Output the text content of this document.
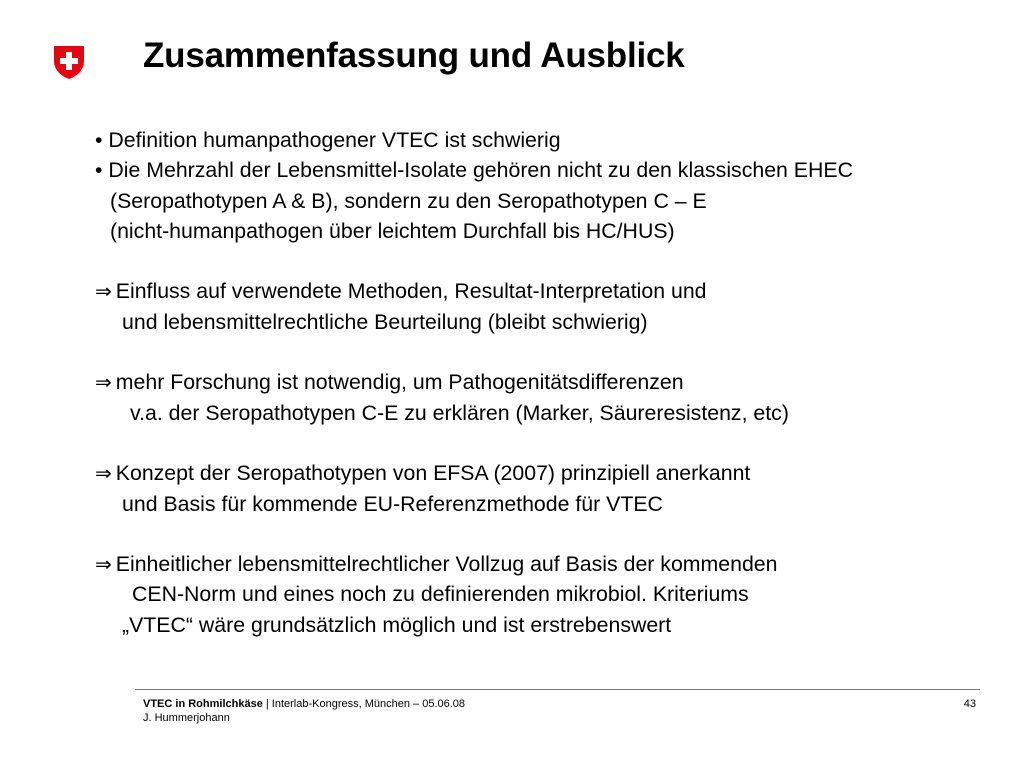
Zusammenfassung und Ausblick
• Definition humanpathogener VTEC ist schwierig
• Die Mehrzahl der Lebensmittel-Isolate gehören nicht zu den klassischen EHEC
(Seropathotypen A & B), sondern zu den Seropathotypen C – E
(nicht-humanpathogen über leichtem Durchfall bis HC/HUS)
⇒ Einfluss auf verwendete Methoden, Resultat-Interpretation und
und lebensmittelrechtliche Beurteilung (bleibt schwierig)
⇒ mehr Forschung ist notwendig, um Pathogenitätsdifferenzen
v.a. der Seropathotypen C-E zu erklären (Marker, Säureresistenz, etc)
⇒ Konzept der Seropathotypen von EFSA (2007) prinzipiell anerkannt
und Basis für kommende EU-Referenzmethode für VTEC
⇒ Einheitlicher lebensmittelrechtlicher Vollzug auf Basis der kommenden
CEN-Norm und eines noch zu definierenden mikrobiol. Kriteriums
„VTEC“ wäre grundsätzlich möglich und ist erstrebenswert
VTEC in Rohmilchkäse | Interlab-Kongress, München – 05.06.08
J. Hummerjohann
43
